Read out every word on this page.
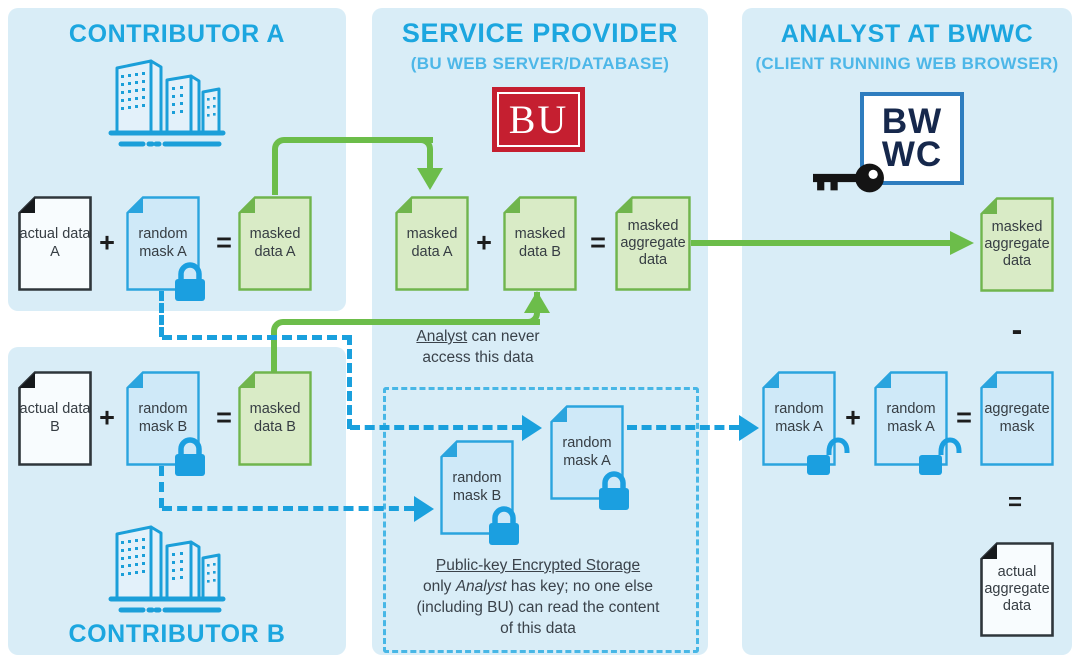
CONTRIBUTOR A	SERVICE PROVIDER
(BU WEB SERVER/DATABASE)
ANALYST AT BWWC
(CLIENT RUNNING WEB BROWSER)
CONTRIBUTOR B
BU	BW
WC
actual data A	+	random mask A	=	masked data A
masked data A +	masked data B	=
masked aggregate data
masked aggregate data
-
Analyst can never
access this data
actual data B	+	random mask B	=	masked data B
random mask B
random mask A
Public-key Encrypted Storage
only Analyst has key; no one else
(including BU) can read the content
of this data
random mask A +	random mask A = aggregate mask
=
actual aggregate data
